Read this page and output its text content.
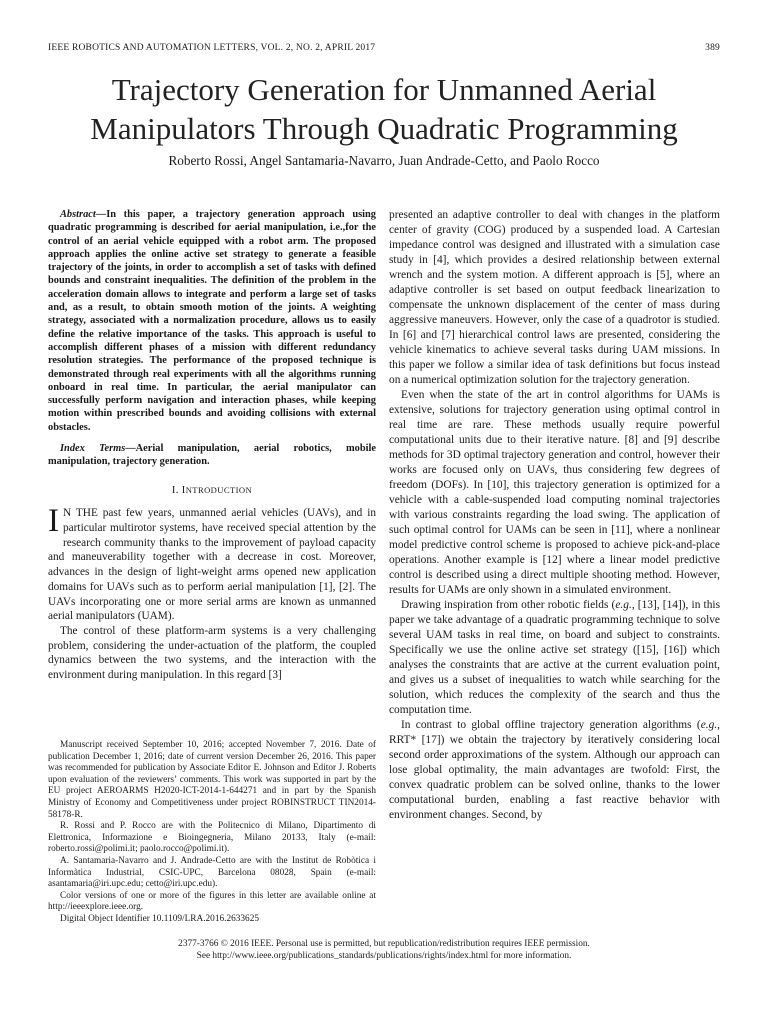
IEEE ROBOTICS AND AUTOMATION LETTERS, VOL. 2, NO. 2, APRIL 2017	389
Trajectory Generation for Unmanned Aerial
Manipulators Through Quadratic Programming
Roberto Rossi, Angel Santamaria-Navarro, Juan Andrade-Cetto, and Paolo Rocco

Abstract—In this paper, a trajectory generation approach using quadratic programming is described for aerial manipulation, i.e.,for the control of an aerial vehicle equipped with a robot arm. The proposed approach applies the online active set strategy to generate a feasible trajectory of the joints, in order to accomplish a set of tasks with defined bounds and constraint inequalities. The definition of the problem in the acceleration domain allows to integrate and perform a large set of tasks and, as a result, to obtain smooth motion of the joints. A weighting strategy, associated with a normalization procedure, allows us to easily define the relative importance of the tasks. This approach is useful to accomplish different phases of a mission with different redundancy resolution strategies. The performance of the proposed technique is demonstrated through real experiments with all the algorithms running onboard in real time. In particular, the aerial manipulator can successfully perform navigation and interaction phases, while keeping motion within prescribed bounds and avoiding collisions with external obstacles.

Index Terms—Aerial manipulation, aerial robotics, mobile manipulation, trajectory generation.

I. INTRODUCTION

I N THE past few years, unmanned aerial vehicles (UAVs), and in particular multirotor systems, have received special attention by the research community thanks to the improvement of payload capacity and maneuverability together with a decrease in cost. Moreover, advances in the design of light-weight arms opened new application domains for UAVs such as to perform aerial manipulation [1], [2]. The UAVs incorporating one or more serial arms are known as unmanned aerial manipulators (UAM).

The control of these platform-arm systems is a very challenging problem, considering the under-actuation of the platform, the coupled dynamics between the two systems, and the interaction with the environment during manipulation. In this regard [3]

Manuscript received September 10, 2016; accepted November 7, 2016. Date of publication December 1, 2016; date of current version December 26, 2016. This paper was recommended for publication by Associate Editor E. Johnson and Editor J. Roberts upon evaluation of the reviewers’ comments. This work was supported in part by the EU project AEROARMS H2020-ICT-2014-1-644271 and in part by the Spanish Ministry of Economy and Competitiveness under project ROBINSTRUCT TIN2014-58178-R.

R. Rossi and P. Rocco are with the Politecnico di Milano, Dipartimento di Elettronica, Informazione e Bioingegneria, Milano 20133, Italy (e-mail: roberto.rossi@polimi.it; paolo.rocco@polimi.it).

A. Santamaria-Navarro and J. Andrade-Cetto are with the Institut de Robòtica i Informàtica Industrial, CSIC-UPC, Barcelona 08028, Spain (e-mail: asantamaria@iri.upc.edu; cetto@iri.upc.edu).

Color versions of one or more of the figures in this letter are available online at http://ieeexplore.ieee.org.

Digital Object Identifier 10.1109/LRA.2016.2633625

presented an adaptive controller to deal with changes in the platform center of gravity (COG) produced by a suspended load. A Cartesian impedance control was designed and illustrated with a simulation case study in [4], which provides a desired relationship between external wrench and the system motion. A different approach is [5], where an adaptive controller is set based on output feedback linearization to compensate the unknown displacement of the center of mass during aggressive maneuvers. However, only the case of a quadrotor is studied. In [6] and [7] hierarchical control laws are presented, considering the vehicle kinematics to achieve several tasks during UAM missions. In this paper we follow a similar idea of task definitions but focus instead on a numerical optimization solution for the trajectory generation.

Even when the state of the art in control algorithms for UAMs is extensive, solutions for trajectory generation using optimal control in real time are rare. These methods usually require powerful computational units due to their iterative nature. [8] and [9] describe methods for 3D optimal trajectory generation and control, however their works are focused only on UAVs, thus considering few degrees of freedom (DOFs). In [10], this trajectory generation is optimized for a vehicle with a cable-suspended load computing nominal trajectories with various constraints regarding the load swing. The application of such optimal control for UAMs can be seen in [11], where a nonlinear model predictive control scheme is proposed to achieve pick-and-place operations. Another example is [12] where a linear model predictive control is described using a direct multiple shooting method. However, results for UAMs are only shown in a simulated environment.

Drawing inspiration from other robotic fields (e.g., [13], [14]), in this paper we take advantage of a quadratic programming technique to solve several UAM tasks in real time, on board and subject to constraints. Specifically we use the online active set strategy ([15], [16]) which analyses the constraints that are active at the current evaluation point, and gives us a subset of inequalities to watch while searching for the solution, which reduces the complexity of the search and thus the computation time.

In contrast to global offline trajectory generation algorithms (e.g., RRT* [17]) we obtain the trajectory by iteratively considering local second order approximations of the system. Although our approach can lose global optimality, the main advantages are twofold: First, the convex quadratic problem can be solved online, thanks to the lower computational burden, enabling a fast reactive behavior with environment changes. Second, by

2377-3766 © 2016 IEEE. Personal use is permitted, but republication/redistribution requires IEEE permission.
See http://www.ieee.org/publications_standards/publications/rights/index.html for more information.
